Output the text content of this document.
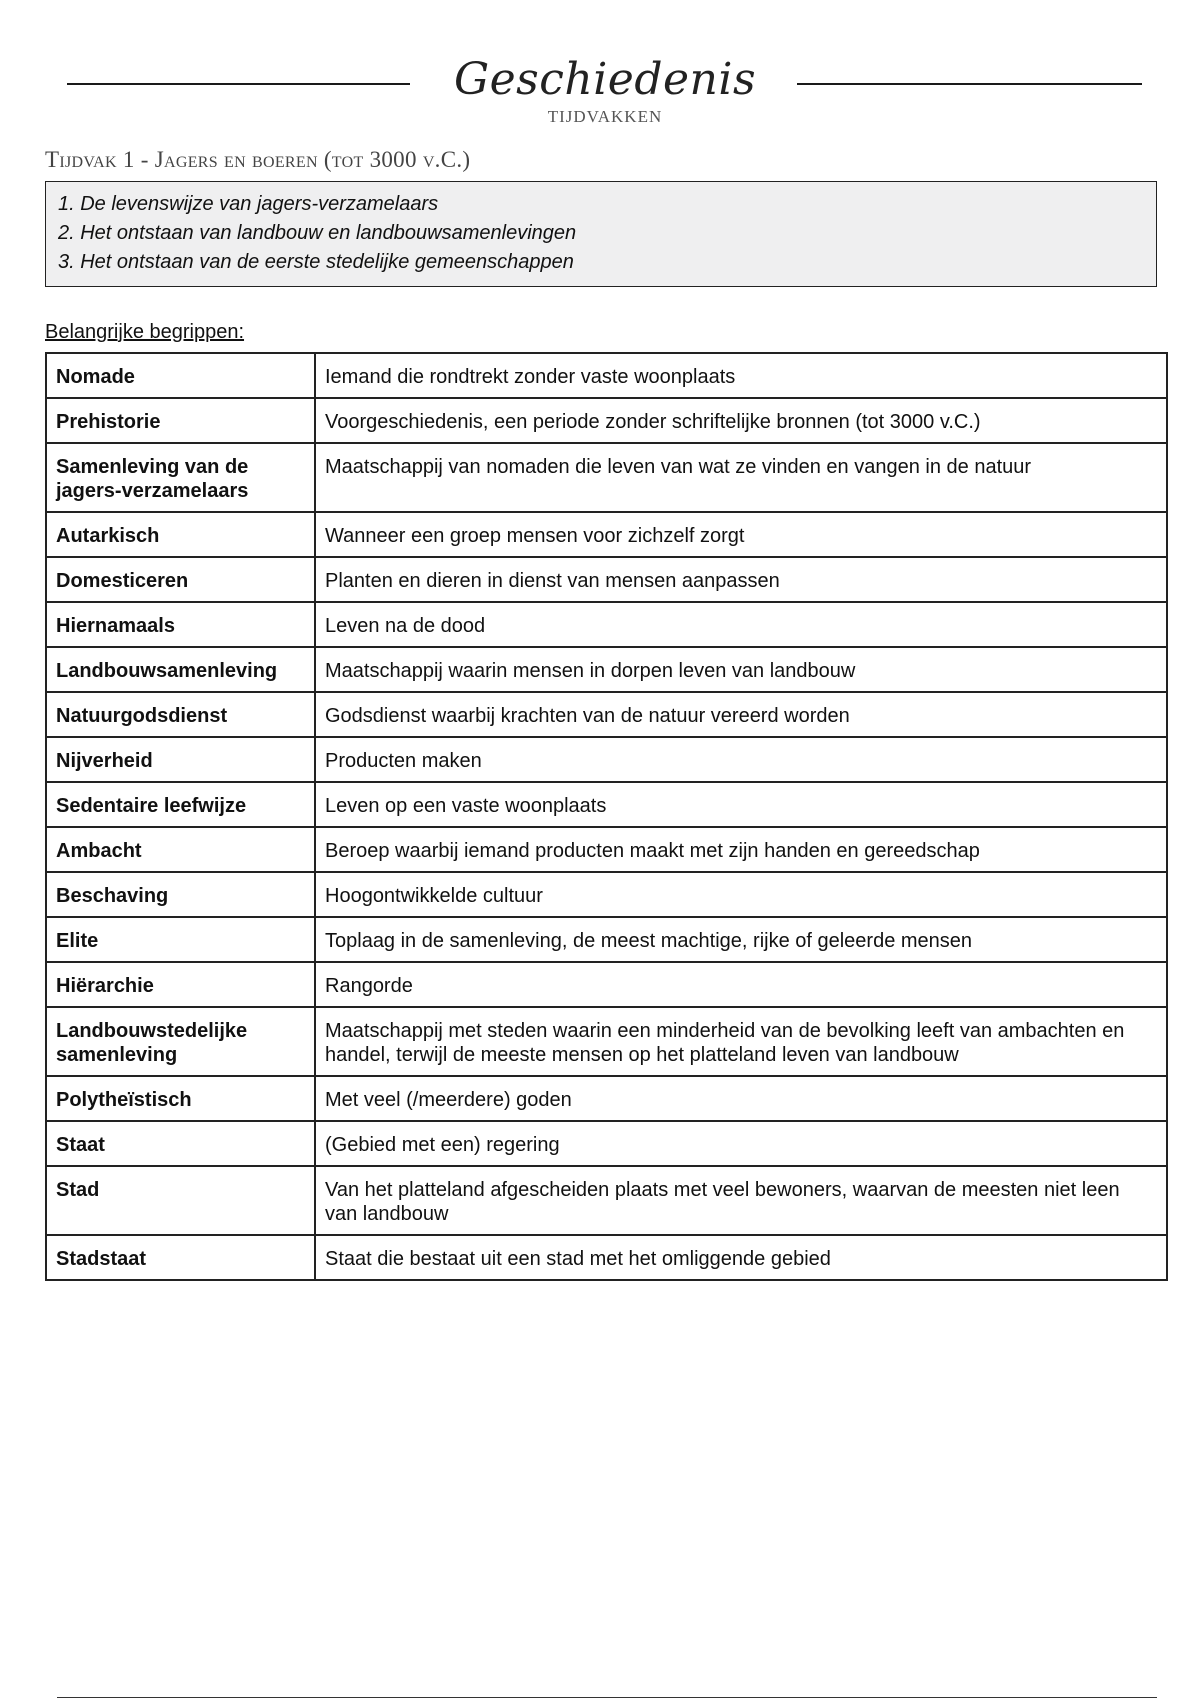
Geschiedenis
TIJDVAKKEN
Tijdvak 1 - Jagers en boeren (tot 3000 v.C.)
1. De levenswijze van jagers-verzamelaars
2. Het ontstaan van landbouw en landbouwsamenlevingen
3. Het ontstaan van de eerste stedelijke gemeenschappen
Belangrijke begrippen:
Nomade	Iemand die rondtrekt zonder vaste woonplaats
Prehistorie	Voorgeschiedenis, een periode zonder schriftelijke bronnen (tot 3000 v.C.)
Samenleving van de jagers-verzamelaars	Maatschappij van nomaden die leven van wat ze vinden en vangen in de natuur
Autarkisch	Wanneer een groep mensen voor zichzelf zorgt
Domesticeren	Planten en dieren in dienst van mensen aanpassen
Hiernamaals	Leven na de dood
Landbouwsamenleving	Maatschappij waarin mensen in dorpen leven van landbouw
Natuurgodsdienst	Godsdienst waarbij krachten van de natuur vereerd worden
Nijverheid	Producten maken
Sedentaire leefwijze	Leven op een vaste woonplaats
Ambacht	Beroep waarbij iemand producten maakt met zijn handen en gereedschap
Beschaving	Hoogontwikkelde cultuur
Elite	Toplaag in de samenleving, de meest machtige, rijke of geleerde mensen
Hiërarchie	Rangorde
Landbouwstedelijke samenleving	Maatschappij met steden waarin een minderheid van de bevolking leeft van ambachten en handel, terwijl de meeste mensen op het platteland leven van landbouw
Polytheïstisch	Met veel (/meerdere) goden
Staat	(Gebied met een) regering
Stad	Van het platteland afgescheiden plaats met veel bewoners, waarvan de meesten niet leen van landbouw
Stadstaat	Staat die bestaat uit een stad met het omliggende gebied
